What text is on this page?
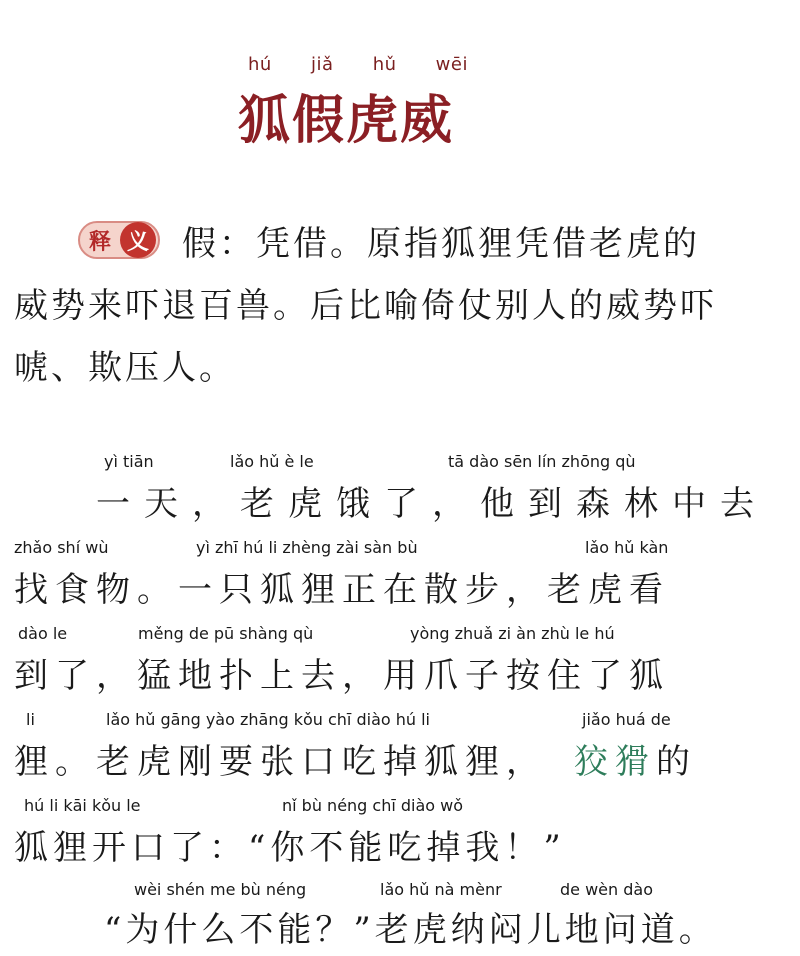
hú jiǎ hǔ wēi
狐假虎威
释 义 假：凭借。原指狐狸凭借老虎的
威势来吓退百兽。后比喻倚仗别人的威势吓
唬、欺压人。
yì tiān	lǎo hǔ è le	tā dào sēn lín zhōng qù
一天，老虎饿了，他到森林中去
zhǎo shí wù	yì zhī hú li zhèng zài sàn bù	lǎo hǔ kàn
找食物。一只狐狸正在散步，老虎看
dào le	měng de pū shàng qù	yòng zhuǎ zi àn zhù le hú
到了，猛地扑上去，用爪子按住了狐
li	lǎo hǔ gāng yào zhāng kǒu chī diào hú li	jiǎo huá de
狸。老虎刚要张口吃掉狐狸， 狡猾 的
hú li kāi kǒu le	nǐ bù néng chī diào wǒ
狐狸开口了：“你不能吃掉我！”
wèi shén me bù néng	lǎo hǔ nà mènr	de wèn dào
“为什么不能？”老虎纳闷儿地问道。
